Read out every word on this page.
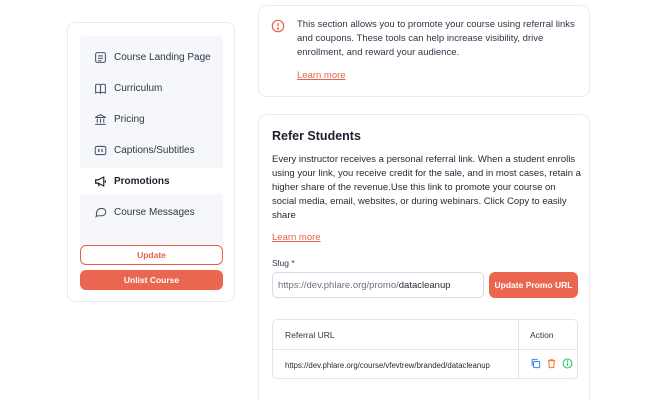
Course Landing Page
Curriculum
Pricing
Captions/Subtitles
Promotions
Course Messages
Update
Unlist Course
This section allows you to promote your course using referral links and coupons. These tools can help increase visibility, drive enrollment, and reward your audience.
Learn more
Refer Students
Every instructor receives a personal referral link. When a student enrolls using your link, you receive credit for the sale, and in most cases, retain a higher share of the revenue.Use this link to promote your course on social media, email, websites, or during webinars. Click Copy to easily share
Learn more
Slug *
https://dev.phlare.org/promo/ datacleanup	Update Promo URL
Referral URL	Action
https://dev.phlare.org/course/vfevtrew/branded/datacleanup
